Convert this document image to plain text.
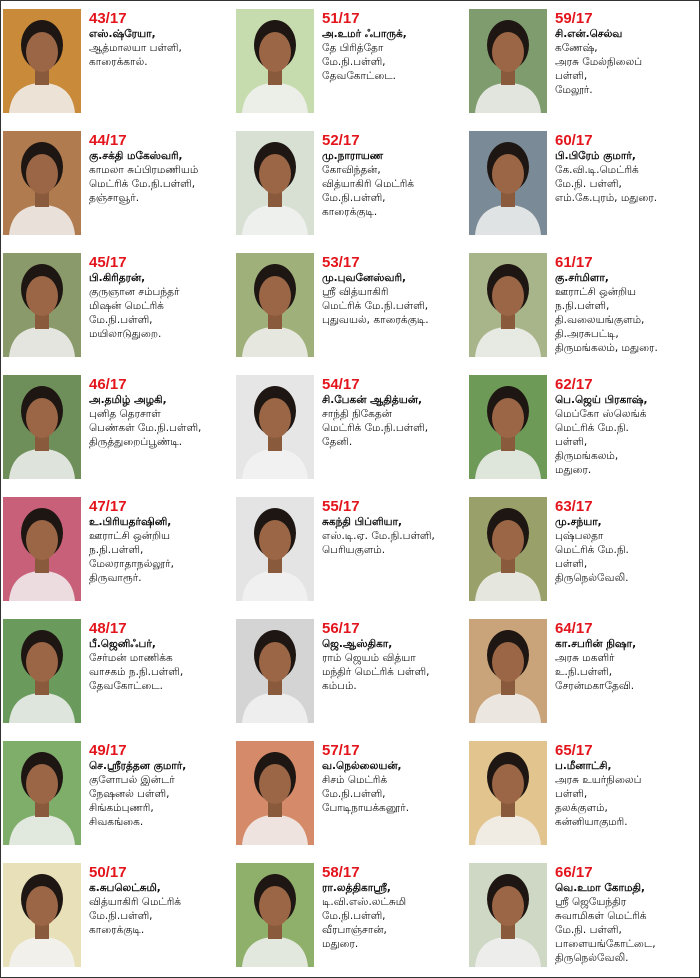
43/17
எஸ்.ஷ்ரேயா,
ஆத்மாலயா பள்ளி,
காரைக்கால்.
44/17
கு.சக்தி மகேஸ்வரி,
காமலா சுப்பிரமணியம்
மெட்ரிக் மே.நி.பள்ளி,
தஞ்சாவூர்.
45/17
பி.கிரிதரன்,
குருஞான சம்பந்தர்
மிஷன் மெட்ரிக்
மே.நி.பள்ளி,
மயிலாடுதுறை.
46/17
அ.தமிழ் அழகி,
புனித தெரசாள்
பெண்கள் மே.நி.பள்ளி,
திருத்துறைப்பூண்டி.
47/17
உ.பிரியதர்ஷினி,
ஊராட்சி ஒன்றிய
ந.நி.பள்ளி,
மேலராதாநல்லூர்,
திருவாரூர்.
48/17
பீ.ஜெனிஃபர்,
சேர்மன் மாணிக்க
வாசகம் ந.நி.பள்ளி,
தேவகோட்டை.
49/17
செ.ஸ்ரீரத்தன குமார்,
குளோபல் இன்டர்
நேஷனல் பள்ளி,
சிங்கம்புணரி,
சிவகங்கை.
50/17
க.சுபலெட்சுமி,
வித்யாகிரி மெட்ரிக்
மே.நி.பள்ளி,
காரைக்குடி.
51/17
அ.உமர் ஃபாருக்,
தே பிரித்தோ
மே.நி.பள்ளி,
தேவகோட்டை.
52/17
மு.நாராயண
கோவிந்தன்,
வித்யாகிரி மெட்ரிக்
மே.நி.பள்ளி,
காரைக்குடி.
53/17
மு.புவனேஸ்வரி,
ஸ்ரீ வித்யாகிரி
மெட்ரிக் மே.நி.பள்ளி,
புதுவயல், காரைக்குடி.
54/17
சி.பேகன் ஆதித்யன்,
சாந்தி நிகேதன்
மெட்ரிக் மே.நி.பள்ளி,
தேனி.
55/17
சுகந்தி பிப்ளியா,
எஸ்.டி.ஏ. மே.நி.பள்ளி,
பெரியகுளம்.
56/17
ஜெ.ஆஸ்திகா,
ராம் ஜெயம் வித்யா
மந்திர் மெட்ரிக் பள்ளி,
கம்பம்.
57/17
வ.நெல்லையன்,
சிசம் மெட்ரிக்
மே.நி.பள்ளி,
போடிநாயக்கனூர்.
58/17
ரா.லத்திகாஸ்ரீ,
டி.வி.எஸ்.லட்சுமி
மே.நி.பள்ளி,
வீரபாஞ்சான்,
மதுரை.
59/17
சி.என்.செல்வ
கணேஷ்,
அரசு மேல்நிலைப்
பள்ளி,
மேலூர்.
60/17
பி.பிரேம் குமார்,
கே.வி.டி.மெட்ரிக்
மே.நி. பள்ளி,
எம்.கே.புரம், மதுரை.
61/17
கு.சர்மிளா,
ஊராட்சி ஒன்றிய
ந.நி.பள்ளி,
தி.வலையங்குளம்,
தி.அரசுபட்டி,
திருமங்கலம், மதுரை.
62/17
பெ.ஜெய் பிரகாஷ்,
மெப்கோ ஸ்லெங்க்
மெட்ரிக் மே.நி.
பள்ளி,
திருமங்கலம்,
மதுரை.
63/17
மு.சந்யா,
புஷ்பலதா
மெட்ரிக் மே.நி.
பள்ளி,
திருநெல்வேலி.
64/17
கா.சபரின் நிஷா,
அரசு மகளிர்
உ.நி.பள்ளி,
சேரன்மகாதேவி.
65/17
ப.மீனாட்சி,
அரசு உயர்நிலைப்
பள்ளி,
தலக்குளம்,
கன்னியாகுமரி.
66/17
வெ.உமா கோமதி,
ஸ்ரீ ஜெயேந்திர
சுவாமிகள் மெட்ரிக்
மே.நி. பள்ளி,
பாளையங்கோட்டை,
திருநெல்வேலி.
